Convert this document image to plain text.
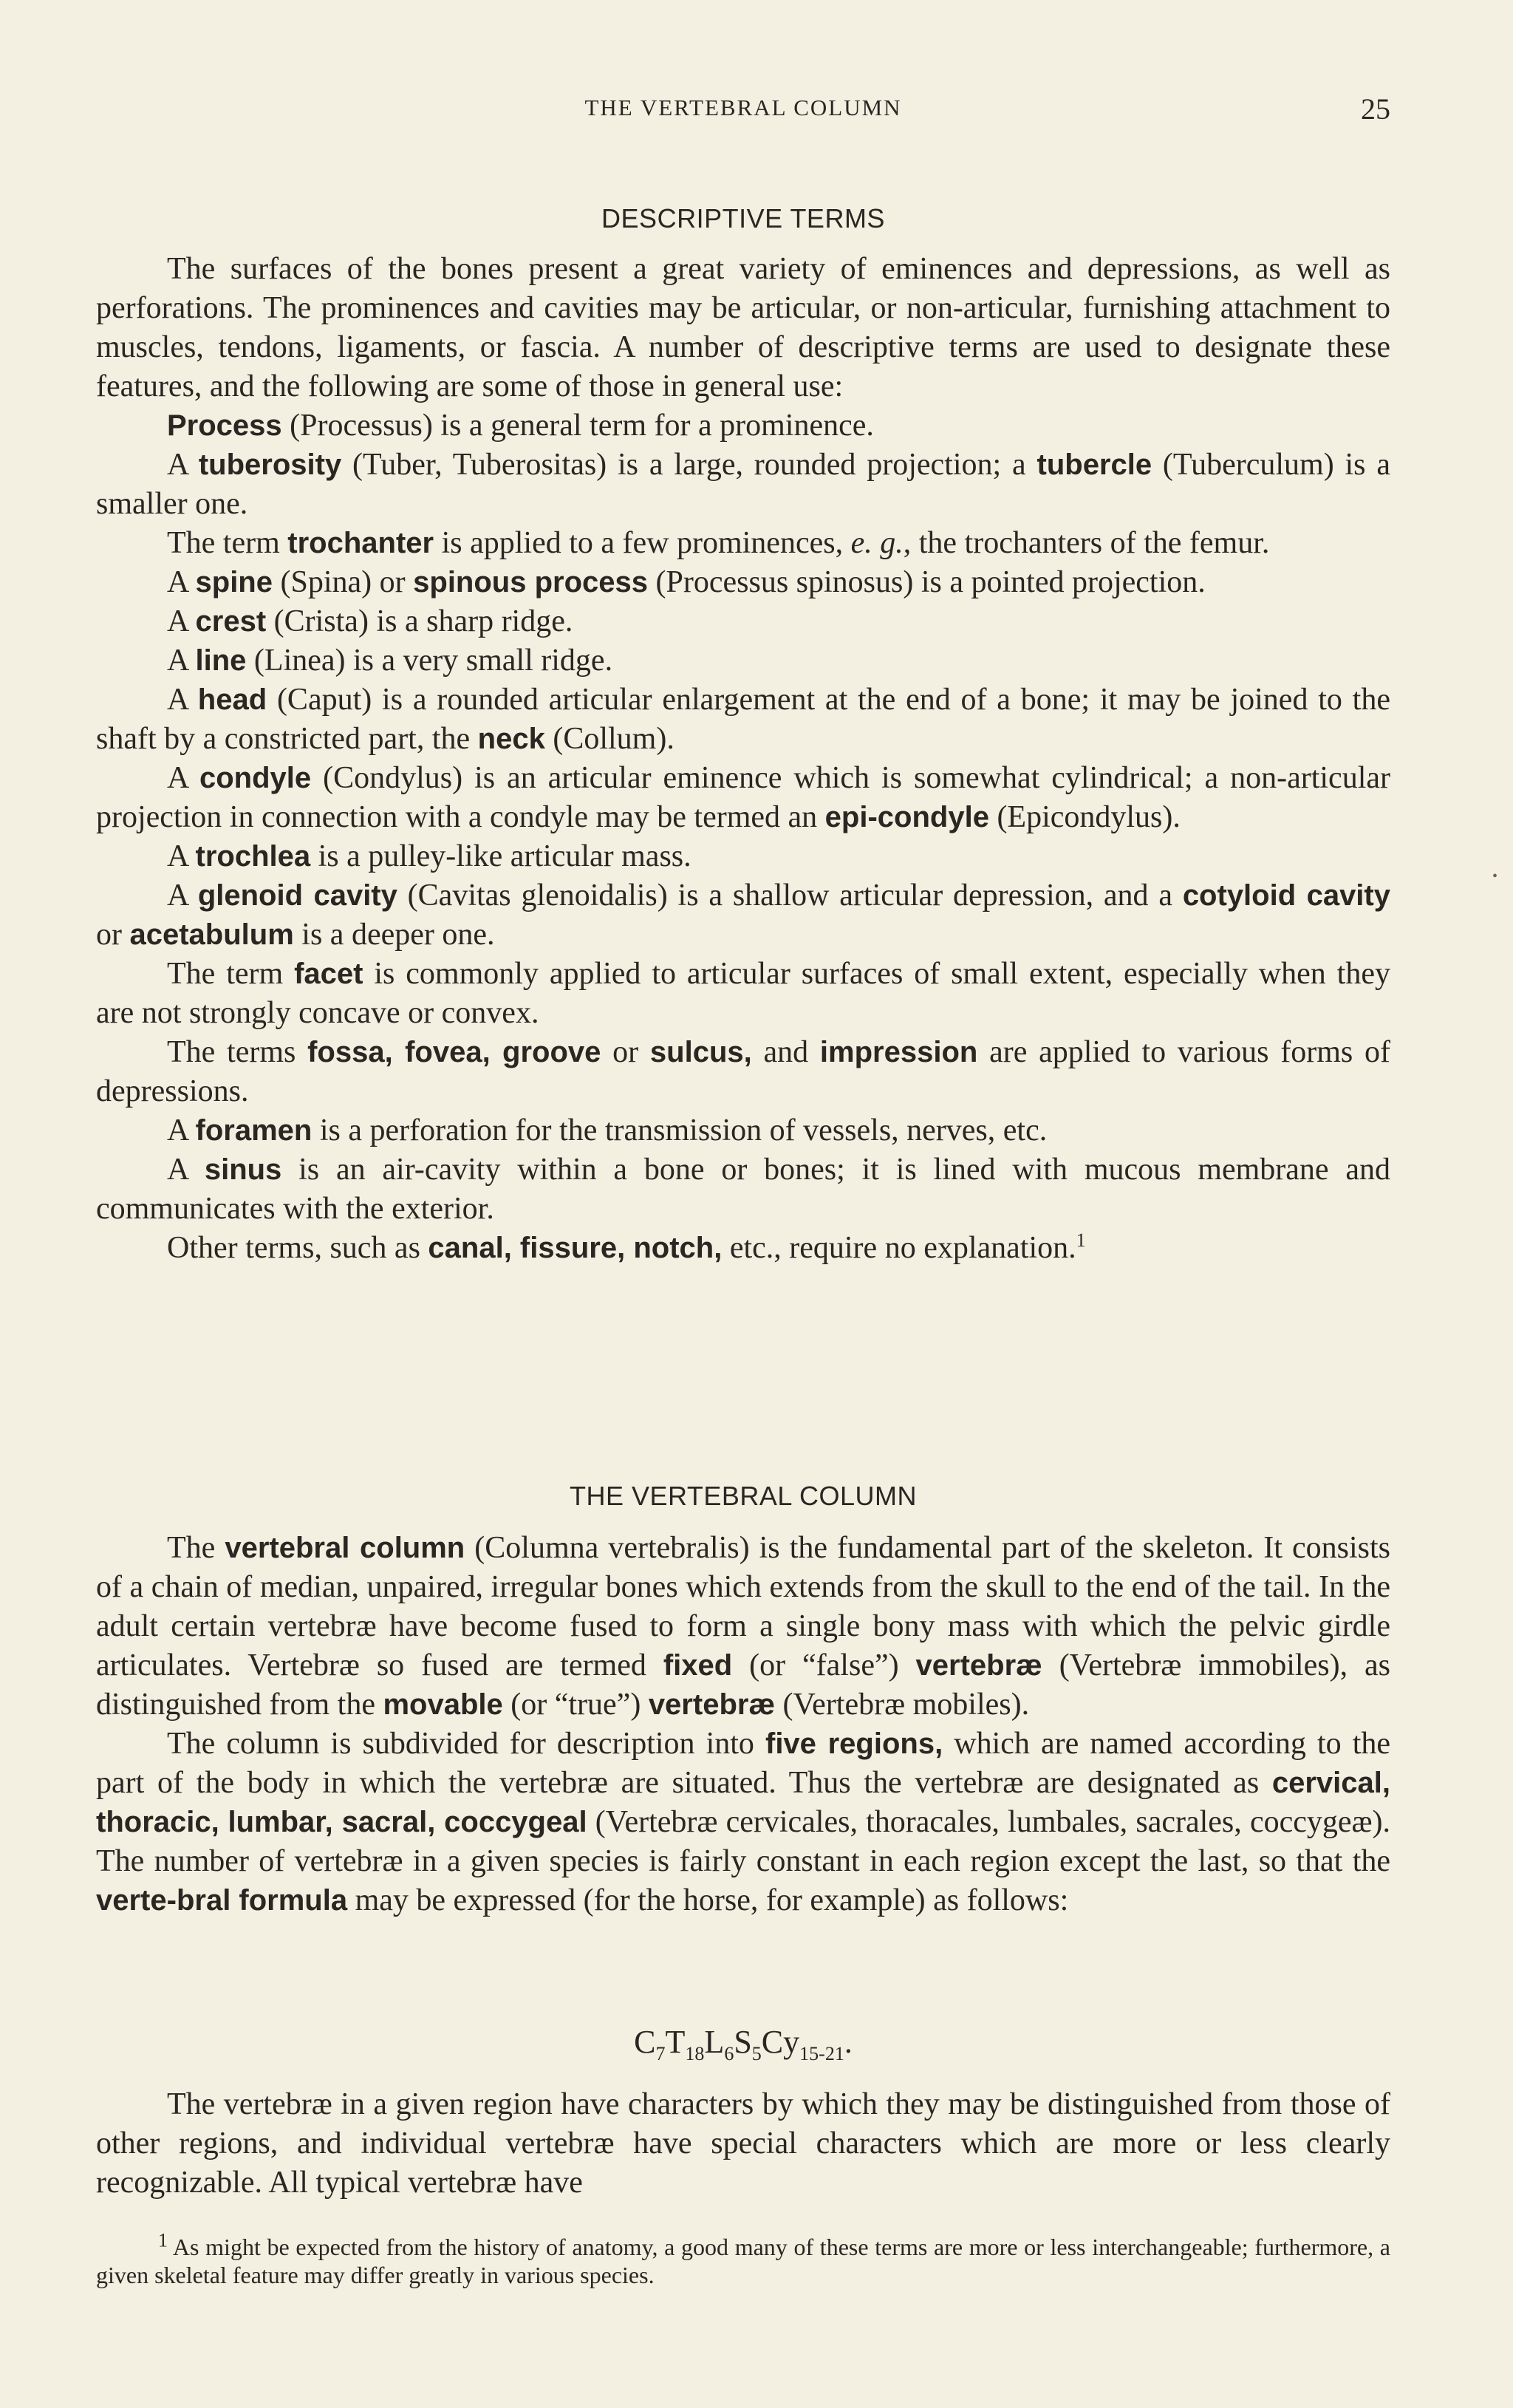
THE VERTEBRAL COLUMN	25
DESCRIPTIVE TERMS

The surfaces of the bones present a great variety of eminences and depressions, as well as perforations. The prominences and cavities may be articular, or non-articular, furnishing attachment to muscles, tendons, ligaments, or fascia. A number of descriptive terms are used to designate these features, and the following are some of those in general use:

Process (Processus) is a general term for a prominence.

A tuberosity (Tuber, Tuberositas) is a large, rounded projection; a tubercle (Tuberculum) is a smaller one.

The term trochanter is applied to a few prominences, e. g., the trochanters of the femur.

A spine (Spina) or spinous process (Processus spinosus) is a pointed projection.

A crest (Crista) is a sharp ridge.

A line (Linea) is a very small ridge.

A head (Caput) is a rounded articular enlargement at the end of a bone; it may be joined to the shaft by a constricted part, the neck (Collum).

A condyle (Condylus) is an articular eminence which is somewhat cylindrical; a non-articular projection in connection with a condyle may be termed an epi-condyle (Epicondylus).

A trochlea is a pulley-like articular mass.

A glenoid cavity (Cavitas glenoidalis) is a shallow articular depression, and a cotyloid cavity or acetabulum is a deeper one.

The term facet is commonly applied to articular surfaces of small extent, especially when they are not strongly concave or convex.

The terms fossa, fovea, groove or sulcus, and impression are applied to various forms of depressions.

A foramen is a perforation for the transmission of vessels, nerves, etc.

A sinus is an air-cavity within a bone or bones; it is lined with mucous membrane and communicates with the exterior.

Other terms, such as canal, fissure, notch, etc., require no explanation.$^1$

THE VERTEBRAL COLUMN

The vertebral column (Columna vertebralis) is the fundamental part of the skeleton. It consists of a chain of median, unpaired, irregular bones which extends from the skull to the end of the tail. In the adult certain vertebræ have become fused to form a single bony mass with which the pelvic girdle articulates. Vertebræ so fused are termed fixed (or “false”) vertebræ (Vertebræ immobiles), as distinguished from the movable (or “true”) vertebræ (Vertebræ mobiles).

The column is subdivided for description into five regions, which are named according to the part of the body in which the vertebræ are situated. Thus the vertebræ are designated as cervical, thoracic, lumbar, sacral, coccygeal (Vertebræ cervicales, thoracales, lumbales, sacrales, coccygeæ). The number of vertebræ in a given species is fairly constant in each region except the last, so that the verte-bral formula may be expressed (for the horse, for example) as follows:

$C_7T_{18}L_6S_5Cy_{15-21}$.

The vertebræ in a given region have characters by which they may be distinguished from those of other regions, and individual vertebræ have special characters which are more or less clearly recognizable. All typical vertebræ have

$^1$ As might be expected from the history of anatomy, a good many of these terms are more or less interchangeable; furthermore, a given skeletal feature may differ greatly in various species.

•
